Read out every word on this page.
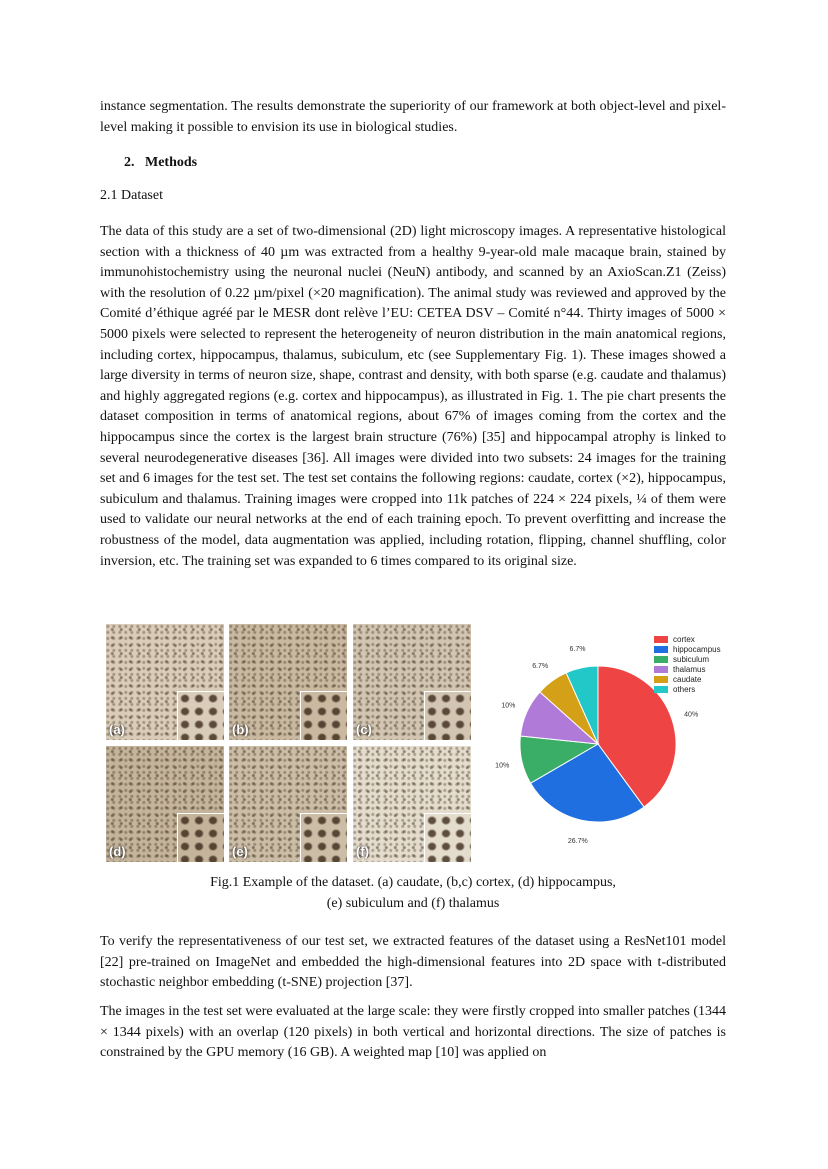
instance segmentation. The results demonstrate the superiority of our framework at both object-level and pixel-level making it possible to envision its use in biological studies.

2.   Methods
2.1 Dataset

The data of this study are a set of two-dimensional (2D) light microscopy images. A representative histological section with a thickness of 40 µm was extracted from a healthy 9-year-old male macaque brain, stained by immunohistochemistry using the neuronal nuclei (NeuN) antibody, and scanned by an AxioScan.Z1 (Zeiss) with the resolution of 0.22 µm/pixel (×20 magnification). The animal study was reviewed and approved by the Comité d’éthique agréé par le MESR dont relève l’EU: CETEA DSV – Comité n°44. Thirty images of 5000 × 5000 pixels were selected to represent the heterogeneity of neuron distribution in the main anatomical regions, including cortex, hippocampus, thalamus, subiculum, etc (see Supplementary Fig. 1). These images showed a large diversity in terms of neuron size, shape, contrast and density, with both sparse (e.g. caudate and thalamus) and highly aggregated regions (e.g. cortex and hippocampus), as illustrated in Fig. 1. The pie chart presents the dataset composition in terms of anatomical regions, about 67% of images coming from the cortex and the hippocampus since the cortex is the largest brain structure (76%) [35] and hippocampal atrophy is linked to several neurodegenerative diseases [36]. All images were divided into two subsets: 24 images for the training set and 6 images for the test set. The test set contains the following regions: caudate, cortex (×2), hippocampus, subiculum and thalamus. Training images were cropped into 11k patches of 224 × 224 pixels, ¼ of them were used to validate our neural networks at the end of each training epoch. To prevent overfitting and increase the robustness of the model, data augmentation was applied, including rotation, flipping, channel shuffling, color inversion, etc. The training set was expanded to 6 times compared to its original size.

(a)	(b)	(c)
(d)	(e)	(f)
40%
26.7%
10%
10%
6.7%
6.7%
cortex
hippocampus
subiculum
thalamus
caudate
others
Fig.1 Example of the dataset. (a) caudate, (b,c) cortex, (d) hippocampus,
(e) subiculum and (f) thalamus

To verify the representativeness of our test set, we extracted features of the dataset using a ResNet101 model [22] pre-trained on ImageNet and embedded the high-dimensional features into 2D space with t-distributed stochastic neighbor embedding (t-SNE) projection [37].

The images in the test set were evaluated at the large scale: they were firstly cropped into smaller patches (1344 × 1344 pixels) with an overlap (120 pixels) in both vertical and horizontal directions. The size of patches is constrained by the GPU memory (16 GB). A weighted map [10] was applied on
